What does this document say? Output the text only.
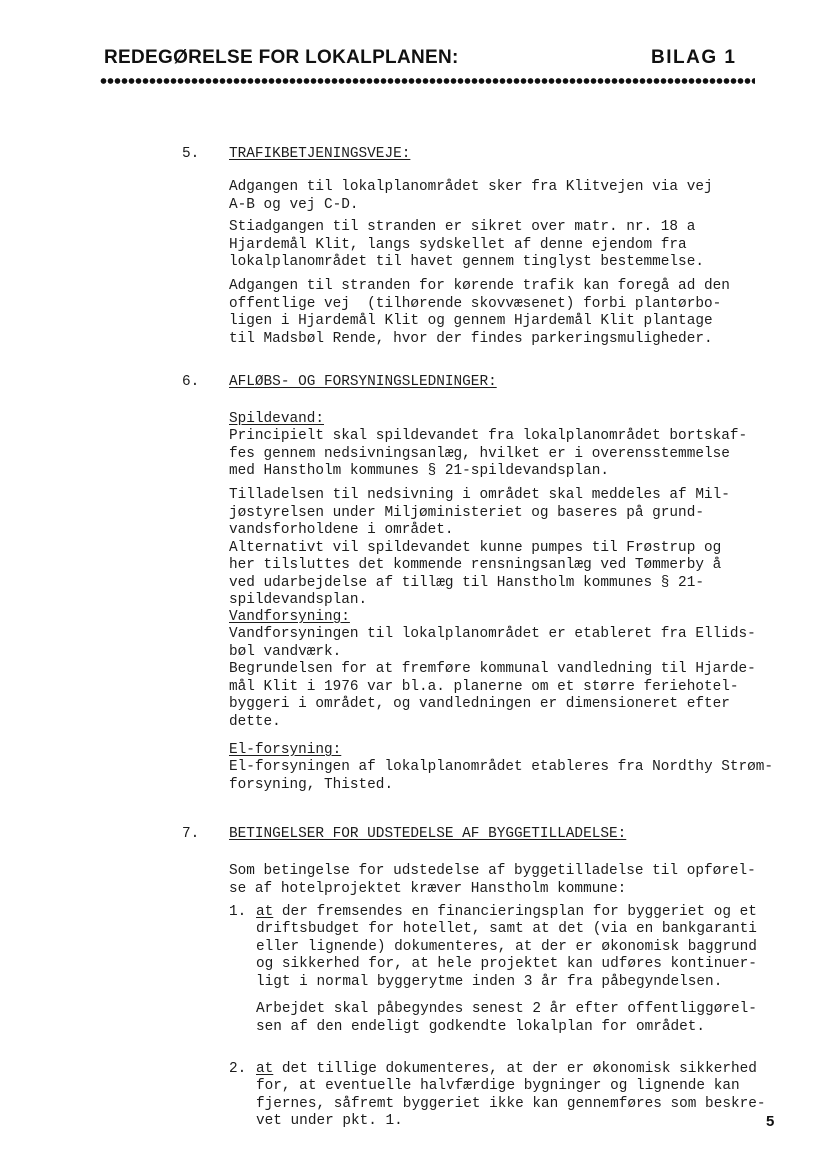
REDEGØRELSE FOR LOKALPLANEN:	BILAG 1
5. TRAFIKBETJENINGSVEJE:

Adgangen til lokalplanområdet sker fra Klitvejen via vej
A-B og vej C-D.

Stiadgangen til stranden er sikret over matr. nr. 18 a
Hjardemål Klit, langs sydskellet af denne ejendom fra
lokalplanområdet til havet gennem tinglyst bestemmelse.

Adgangen til stranden for kørende trafik kan foregå ad den
offentlige vej  (tilhørende skovvæsenet) forbi plantørbo-
ligen i Hjardemål Klit og gennem Hjardemål Klit plantage
til Madsbøl Rende, hvor der findes parkeringsmuligheder.

6. AFLØBS- OG FORSYNINGSLEDNINGER:

Spildevand:

Principielt skal spildevandet fra lokalplanområdet bortskaf-
fes gennem nedsivningsanlæg, hvilket er i overensstemmelse
med Hanstholm kommunes § 21-spildevandsplan.

Tilladelsen til nedsivning i området skal meddeles af Mil-
jøstyrelsen under Miljøministeriet og baseres på grund-
vandsforholdene i området.
Alternativt vil spildevandet kunne pumpes til Frøstrup og
her tilsluttes det kommende rensningsanlæg ved Tømmerby å
ved udarbejdelse af tillæg til Hanstholm kommunes § 21-
spildevandsplan.

Vandforsyning:

Vandforsyningen til lokalplanområdet er etableret fra Ellids-
bøl vandværk.
Begrundelsen for at fremføre kommunal vandledning til Hjarde-
mål Klit i 1976 var bl.a. planerne om et større feriehotel-
byggeri i området, og vandledningen er dimensioneret efter
dette.

El-forsyning:

El-forsyningen af lokalplanområdet etableres fra Nordthy Strøm-
forsyning, Thisted.

7. BETINGELSER FOR UDSTEDELSE AF BYGGETILLADELSE:

Som betingelse for udstedelse af byggetilladelse til opførel-
se af hotelprojektet kræver Hanstholm kommune:

1. at der fremsendes en financieringsplan for byggeriet og et

driftsbudget for hotellet, samt at det (via en bankgaranti
eller lignende) dokumenteres, at der er økonomisk baggrund
og sikkerhed for, at hele projektet kan udføres kontinuer-
ligt i normal byggerytme inden 3 år fra påbegyndelsen.

Arbejdet skal påbegyndes senest 2 år efter offentliggørel-
sen af den endeligt godkendte lokalplan for området.

2. at det tillige dokumenteres, at der er økonomisk sikkerhed

for, at eventuelle halvfærdige bygninger og lignende kan
fjernes, såfremt byggeriet ikke kan gennemføres som beskre-
vet under pkt. 1.	5
